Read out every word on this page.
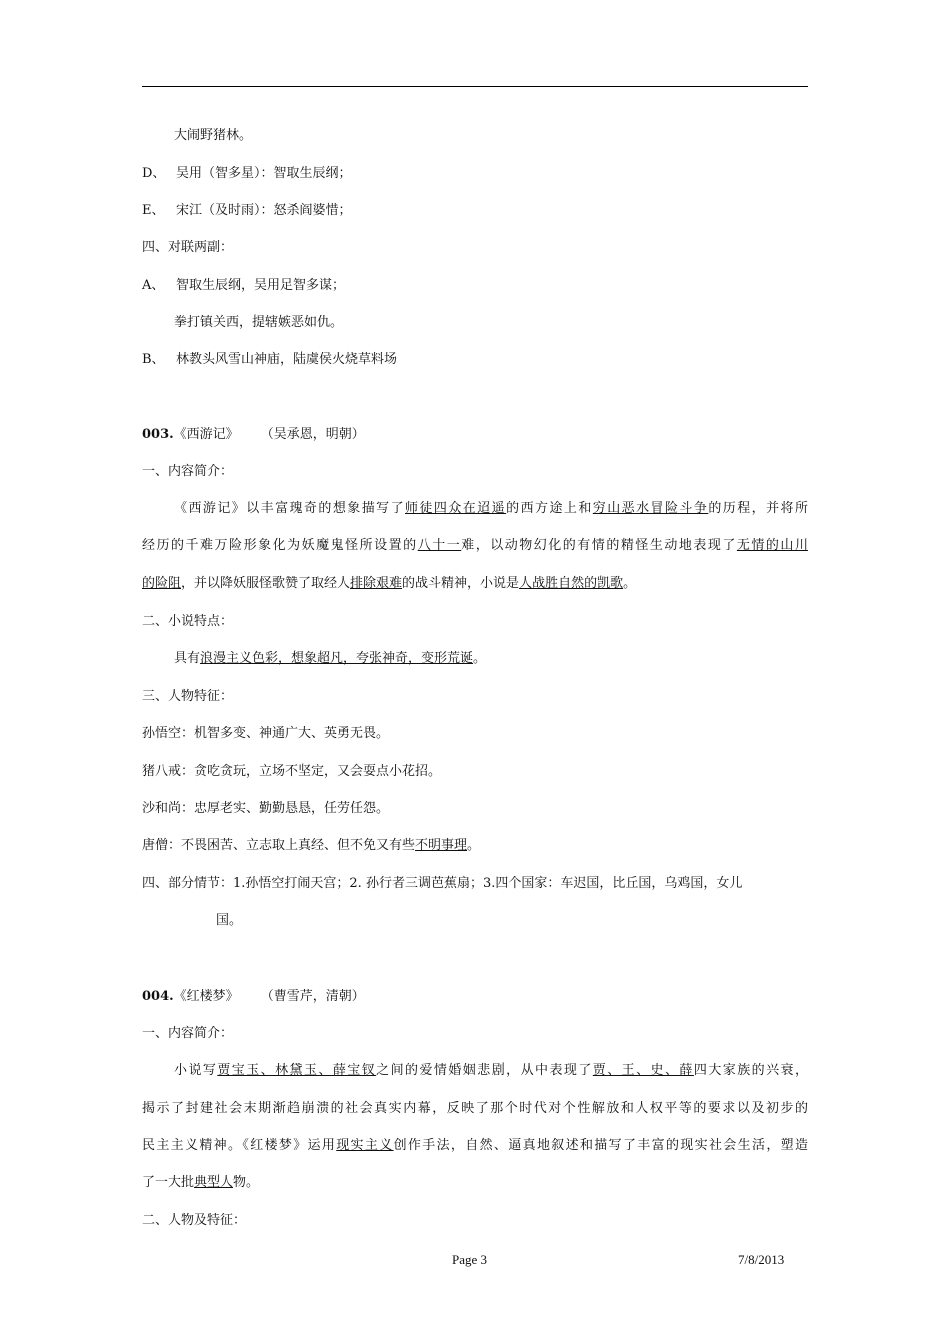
大闹野猪林。
D、 吴用（智多星）：智取生辰纲；
E、 宋江（及时雨）：怒杀阎婆惜；
四、对联两副：
A、 智取生辰纲，吴用足智多谋；
拳打镇关西，提辖嫉恶如仇。
B、 林教头风雪山神庙，陆虞侯火烧草料场
003.《西游记》 （吴承恩，明朝）
一、内容简介：
《西游记》以丰富瑰奇的想象描写了师徒四众在迢遥的西方途上和穷山恶水冒险斗争的历程，并将所
经历的千难万险形象化为妖魔鬼怪所设置的八十一难，以动物幻化的有情的精怪生动地表现了无情的山川
的险阻，并以降妖服怪歌赞了取经人排除艰难的战斗精神，小说是人战胜自然的凯歌。
二、小说特点：
具有浪漫主义色彩，想象超凡，夸张神奇，变形荒诞。
三、人物特征：
孙悟空：机智多变、神通广大、英勇无畏。
猪八戒：贪吃贪玩，立场不坚定，又会耍点小花招。
沙和尚：忠厚老实、勤勤恳恳，任劳任怨。
唐僧：不畏困苦、立志取上真经、但不免又有些不明事理。
四、部分情节：1.孙悟空打闹天宫；2. 孙行者三调芭蕉扇；3.四个国家：车迟国，比丘国，乌鸡国，女儿
国。
004.《红楼梦》 （曹雪芹，清朝）
一、内容简介：
小说写贾宝玉、林黛玉、薛宝钗之间的爱情婚姻悲剧，从中表现了贾、王、史、薛四大家族的兴衰，
揭示了封建社会末期渐趋崩溃的社会真实内幕，反映了那个时代对个性解放和人权平等的要求以及初步的
民主主义精神。《红楼梦》运用现实主义创作手法，自然、逼真地叙述和描写了丰富的现实社会生活，塑造
了一大批典型人物。
二、人物及特征：
Page 3	7/8/2013
